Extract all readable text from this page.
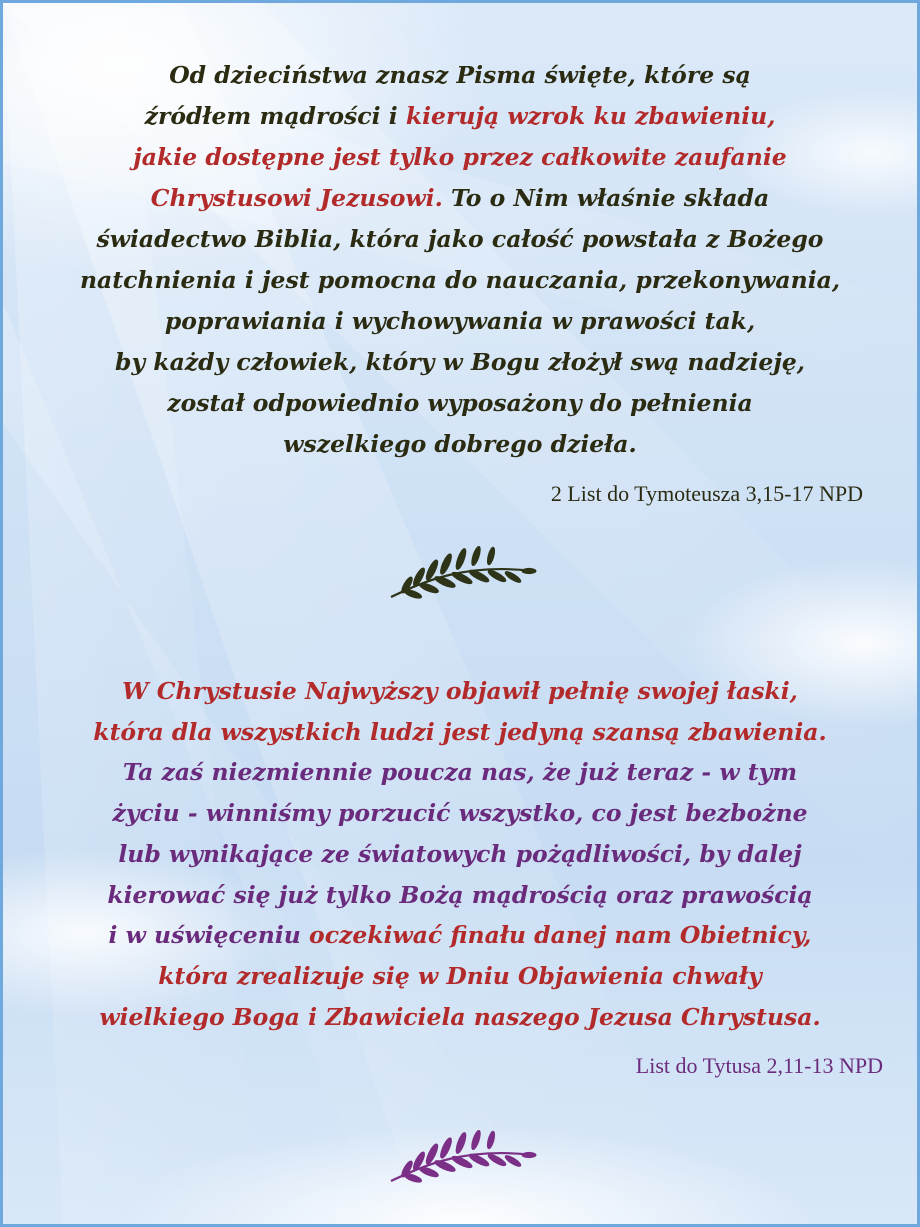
Od dzieciństwa znasz Pisma święte, które są
źródłem mądrości i kierują wzrok ku zbawieniu,
jakie dostępne jest tylko przez całkowite zaufanie
Chrystusowi Jezusowi. To o Nim właśnie składa
świadectwo Biblia, która jako całość powstała z Bożego
natchnienia i jest pomocna do nauczania, przekonywania,
poprawiania i wychowywania w prawości tak,
by każdy człowiek, który w Bogu złożył swą nadzieję,
został odpowiednio wyposażony do pełnienia
wszelkiego dobrego dzieła.
2 List do Tymoteusza 3,15-17 NPD
W Chrystusie Najwyższy objawił pełnię swojej łaski,
która dla wszystkich ludzi jest jedyną szansą zbawienia.
Ta zaś niezmiennie poucza nas, że już teraz - w tym
życiu - winniśmy porzucić wszystko, co jest bezbożne
lub wynikające ze światowych pożądliwości, by dalej
kierować się już tylko Bożą mądrością oraz prawością
i w uświęceniu oczekiwać finału danej nam Obietnicy,
która zrealizuje się w Dniu Objawienia chwały
wielkiego Boga i Zbawiciela naszego Jezusa Chrystusa.
List do Tytusa 2,11-13 NPD
